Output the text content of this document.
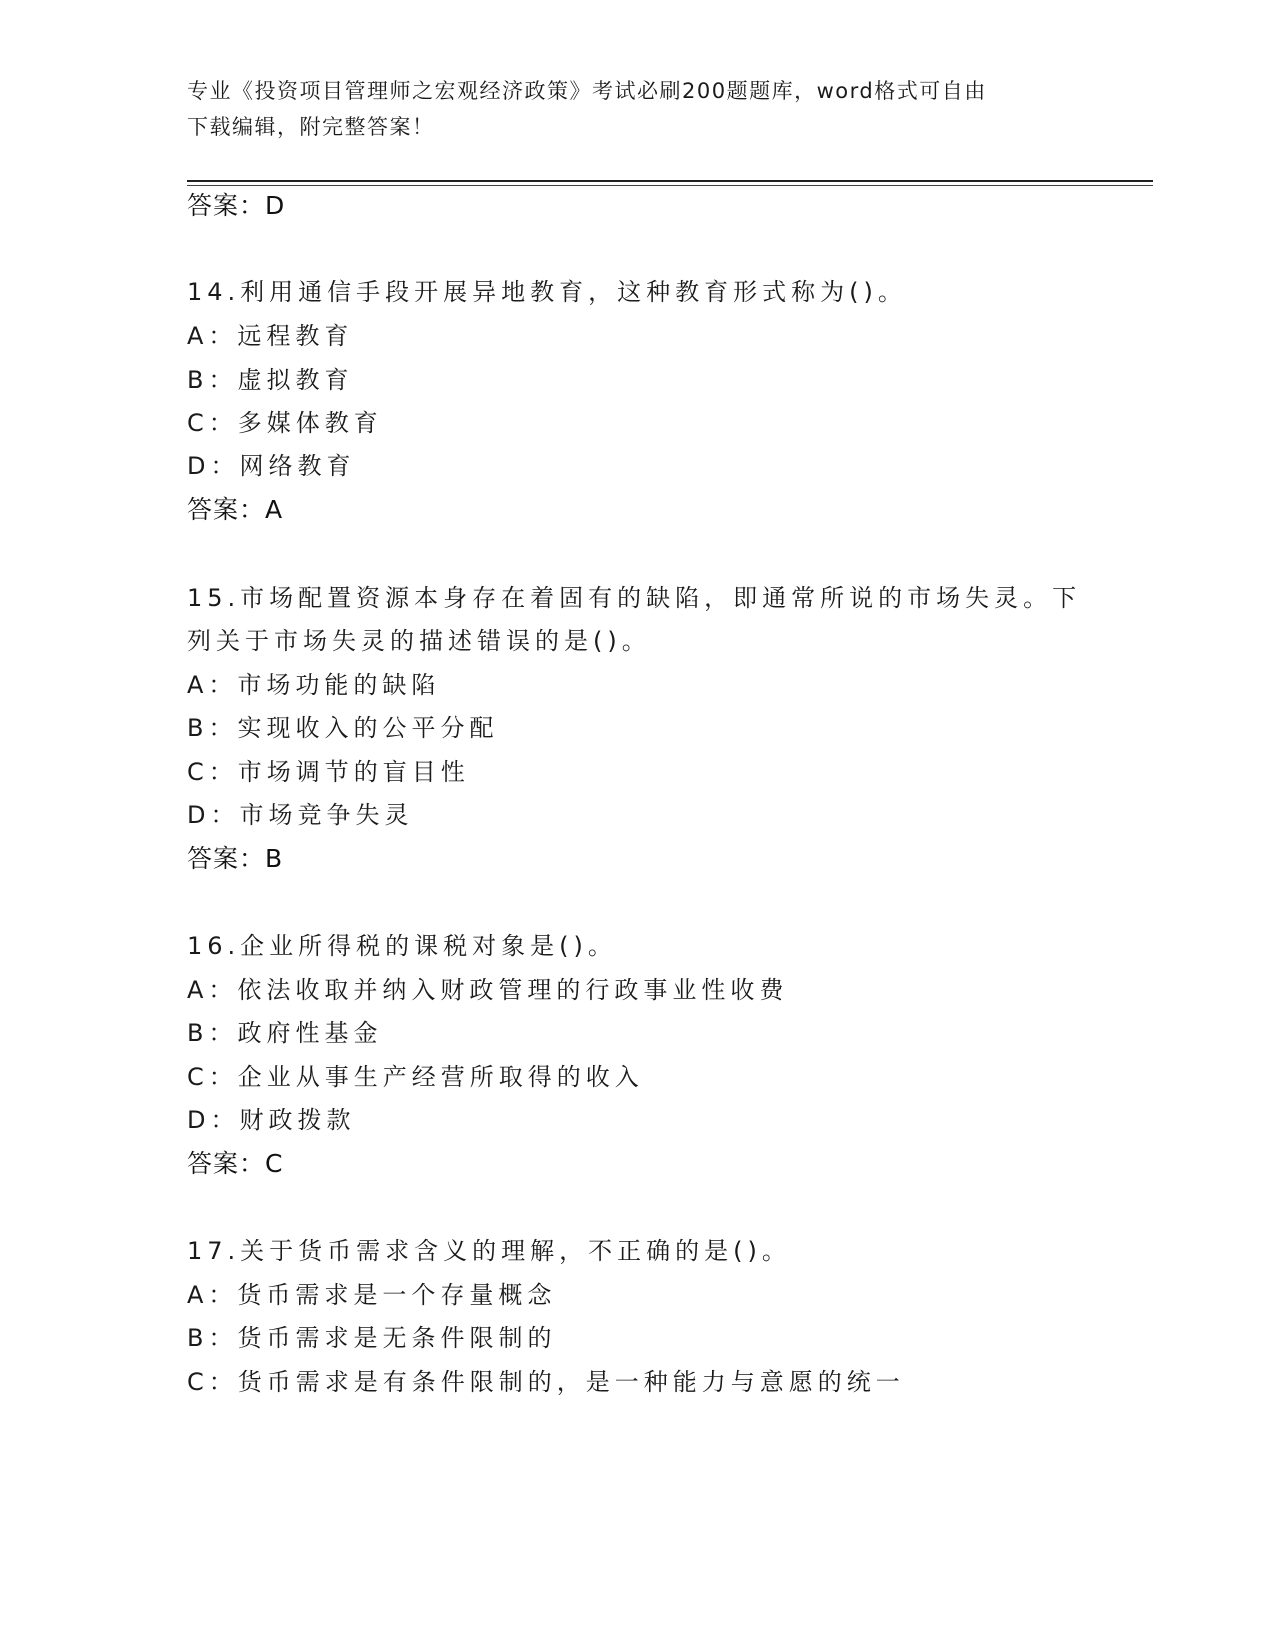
专业《投资项目管理师之宏观经济政策》考试必刷200题题库，word格式可自由
下载编辑，附完整答案！
答案：D
14.利用通信手段开展异地教育，这种教育形式称为()。
A：远程教育
B：虚拟教育
C：多媒体教育
D：网络教育
答案：A
15.市场配置资源本身存在着固有的缺陷，即通常所说的市场失灵。下
列关于市场失灵的描述错误的是()。
A：市场功能的缺陷
B：实现收入的公平分配
C：市场调节的盲目性
D：市场竞争失灵
答案：B
16.企业所得税的课税对象是()。
A：依法收取并纳入财政管理的行政事业性收费
B：政府性基金
C：企业从事生产经营所取得的收入
D：财政拨款
答案：C
17.关于货币需求含义的理解，不正确的是()。
A：货币需求是一个存量概念
B：货币需求是无条件限制的
C：货币需求是有条件限制的，是一种能力与意愿的统一
